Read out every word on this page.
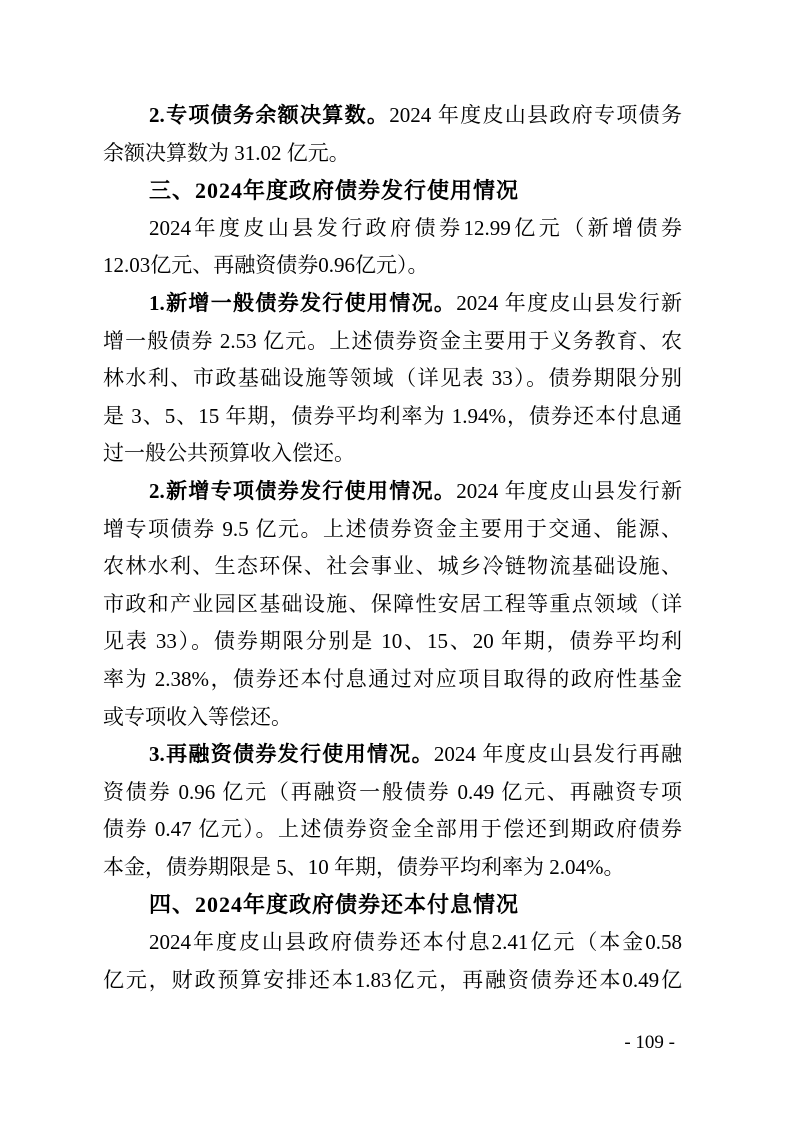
2.专项债务余额决算数。2024 年度皮山县政府专项债务
余额决算数为 31.02 亿元。
三、2024年度政府债券发行使用情况
2024年度皮山县发行政府债券12.99亿元（新增债券
12.03亿元、再融资债券0.96亿元）。
1.新增一般债券发行使用情况。2024 年度皮山县发行新
增一般债券 2.53 亿元。上述债券资金主要用于义务教育、农
林水利、市政基础设施等领域（详见表 33）。债券期限分别
是 3、5、15 年期，债券平均利率为 1.94%，债券还本付息通
过一般公共预算收入偿还。
2.新增专项债券发行使用情况。2024 年度皮山县发行新
增专项债券 9.5 亿元。上述债券资金主要用于交通、能源、
农林水利、生态环保、社会事业、城乡冷链物流基础设施、
市政和产业园区基础设施、保障性安居工程等重点领域（详
见表 33）。债券期限分别是 10、15、20 年期，债券平均利
率为 2.38%，债券还本付息通过对应项目取得的政府性基金
或专项收入等偿还。
3.再融资债券发行使用情况。2024 年度皮山县发行再融
资债券 0.96 亿元（再融资一般债券 0.49 亿元、再融资专项
债券 0.47 亿元）。上述债券资金全部用于偿还到期政府债券
本金，债券期限是 5、10 年期，债券平均利率为 2.04%。
四、2024年度政府债券还本付息情况
2024年度皮山县政府债券还本付息2.41亿元（本金0.58
亿元，财政预算安排还本1.83亿元，再融资债券还本0.49亿
- 109 -
